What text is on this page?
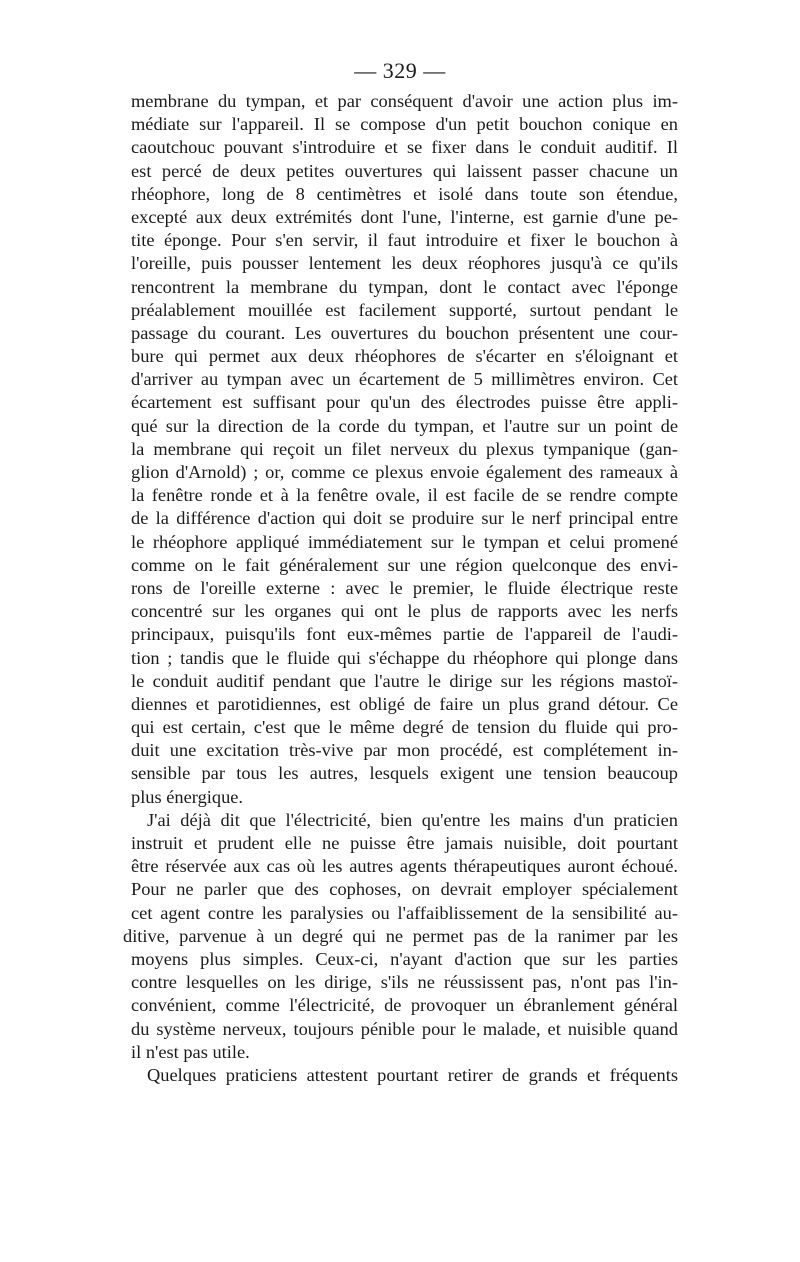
— 329 —
membrane du tympan, et par conséquent d'avoir une action plus im-
médiate sur l'appareil. Il se compose d'un petit bouchon conique en
caoutchouc pouvant s'introduire et se fixer dans le conduit auditif. Il
est percé de deux petites ouvertures qui laissent passer chacune un
rhéophore, long de 8 centimètres et isolé dans toute son étendue,
excepté aux deux extrémités dont l'une, l'interne, est garnie d'une pe-
tite éponge. Pour s'en servir, il faut introduire et fixer le bouchon à
l'oreille, puis pousser lentement les deux réophores jusqu'à ce qu'ils
rencontrent la membrane du tympan, dont le contact avec l'éponge
préalablement mouillée est facilement supporté, surtout pendant le
passage du courant. Les ouvertures du bouchon présentent une cour-
bure qui permet aux deux rhéophores de s'écarter en s'éloignant et
d'arriver au tympan avec un écartement de 5 millimètres environ. Cet
écartement est suffisant pour qu'un des électrodes puisse être appli-
qué sur la direction de la corde du tympan, et l'autre sur un point de
la membrane qui reçoit un filet nerveux du plexus tympanique (gan-
glion d'Arnold) ; or, comme ce plexus envoie également des rameaux à
la fenêtre ronde et à la fenêtre ovale, il est facile de se rendre compte
de la différence d'action qui doit se produire sur le nerf principal entre
le rhéophore appliqué immédiatement sur le tympan et celui promené
comme on le fait généralement sur une région quelconque des envi-
rons de l'oreille externe : avec le premier, le fluide électrique reste
concentré sur les organes qui ont le plus de rapports avec les nerfs
principaux, puisqu'ils font eux-mêmes partie de l'appareil de l'audi-
tion ; tandis que le fluide qui s'échappe du rhéophore qui plonge dans
le conduit auditif pendant que l'autre le dirige sur les régions mastoï-
diennes et parotidiennes, est obligé de faire un plus grand détour. Ce
qui est certain, c'est que le même degré de tension du fluide qui pro-
duit une excitation très-vive par mon procédé, est complétement in-
sensible par tous les autres, lesquels exigent une tension beaucoup
plus énergique.
J'ai déjà dit que l'électricité, bien qu'entre les mains d'un praticien
instruit et prudent elle ne puisse être jamais nuisible, doit pourtant
être réservée aux cas où les autres agents thérapeutiques auront échoué.
Pour ne parler que des cophoses, on devrait employer spécialement
cet agent contre les paralysies ou l'affaiblissement de la sensibilité au-
ditive, parvenue à un degré qui ne permet pas de la ranimer par les
moyens plus simples. Ceux-ci, n'ayant d'action que sur les parties
contre lesquelles on les dirige, s'ils ne réussissent pas, n'ont pas l'in-
convénient, comme l'électricité, de provoquer un ébranlement général
du système nerveux, toujours pénible pour le malade, et nuisible quand
il n'est pas utile.
Quelques praticiens attestent pourtant retirer de grands et fréquents
